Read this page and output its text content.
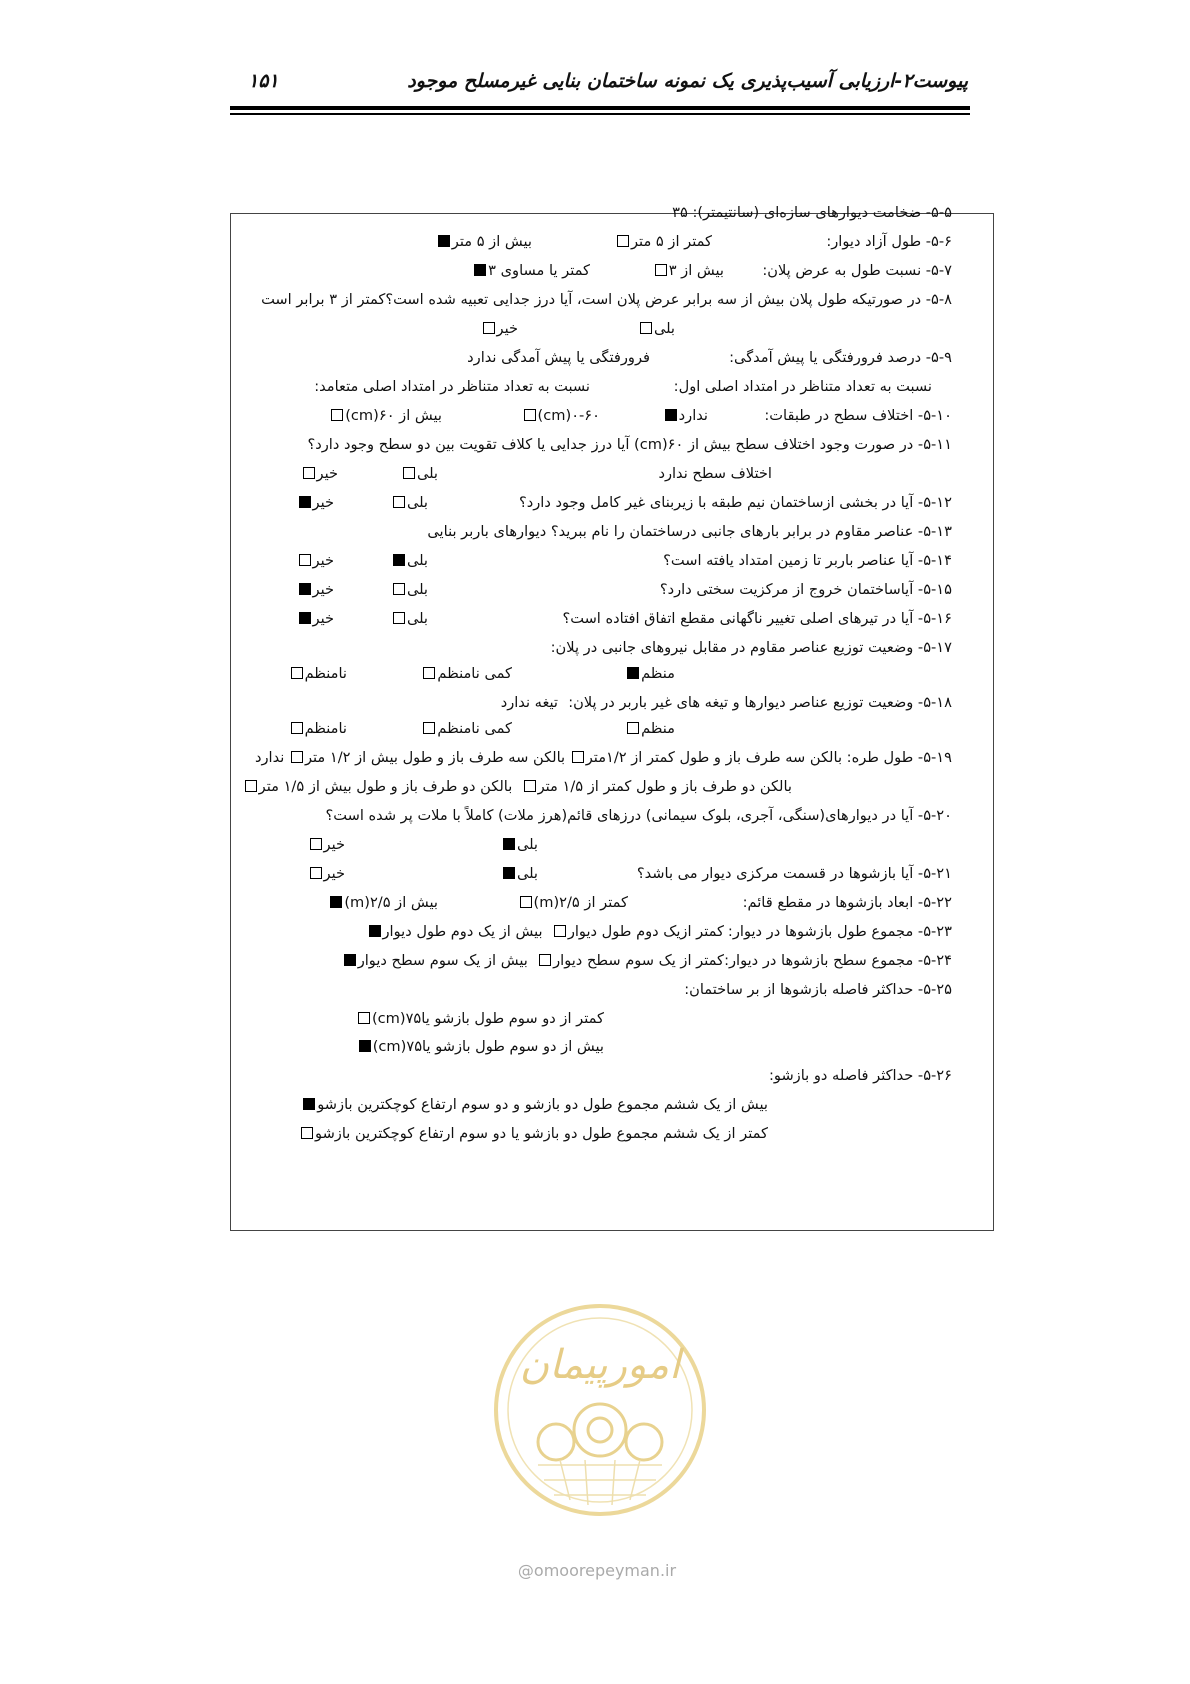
پیوست۲-ارزیابی آسیب‌پذیری یک نمونه ساختمان بنایی غیرمسلح موجود
۱۵۱
۵-۵- ضخامت دیوارهای سازه‌ای (سانتیمتر): ۳۵
۵-۶- طول آزاد دیوار:
کمتر از ۵ متر
بیش از ۵ متر
۵-۷- نسبت طول به عرض پلان:
بیش از ۳
کمتر یا مساوی ۳
۵-۸- در صورتیکه طول پلان بیش از سه برابر عرض پلان است، آیا درز جدایی تعبیه شده است؟کمتر از ۳ برابر است
بلی
خیر
۵-۹- درصد فرورفتگی یا پیش آمدگی:
فرورفتگی یا پیش آمدگی ندارد
نسبت به تعداد متناظر در امتداد اصلی اول:
نسبت به تعداد متناظر در امتداد اصلی متعامد:
۵-۱۰- اختلاف سطح در طبقات:
ندارد
۰-۶۰(cm)
بیش از ۶۰(cm)
۵-۱۱- در صورت وجود اختلاف سطح بیش از ۶۰(cm) آیا درز جدایی یا کلاف تقویت بین دو سطح وجود دارد؟
اختلاف سطح ندارد
بلی
خیر
۵-۱۲- آیا در بخشی ازساختمان نیم طبقه با زیربنای غیر کامل وجود دارد؟
بلی
خیر
۵-۱۳- عناصر مقاوم در برابر بارهای جانبی درساختمان را نام ببرید؟ دیوارهای باربر بنایی
۵-۱۴- آیا عناصر باربر تا زمین امتداد یافته است؟
بلی
خیر
۵-۱۵- آیاساختمان خروج از مرکزیت سختی دارد؟
بلی
خیر
۵-۱۶- آیا در تیرهای اصلی تغییر ناگهانی مقطع اتفاق افتاده است؟
بلی
خیر
۵-۱۷- وضعیت توزیع عناصر مقاوم در مقابل نیروهای جانبی در پلان:
منظم
کمی نامنظم
نامنظم
۵-۱۸- وضعیت توزیع عناصر دیوارها و تیغه های غیر باربر در پلان:
تیغه ندارد
منظم
کمی نامنظم
نامنظم
۵-۱۹- طول طره: بالکن سه طرف باز و طول کمتر از ۱/۲متر بالکن سه طرف باز و طول بیش از ۱/۲ متر ندارد
بالکن دو طرف باز و طول کمتر از ۱/۵ متر  بالکن دو طرف باز و طول بیش از ۱/۵ متر
۵-۲۰- آیا در دیوارهای(سنگی، آجری، بلوک سیمانی) درزهای قائم(هرز ملات) کاملاً با ملات پر شده است؟
بلی
خیر
۵-۲۱- آیا بازشوها در قسمت مرکزی دیوار می باشد؟
بلی
خیر
۵-۲۲- ابعاد بازشوها در مقطع قائم:
کمتر از ۲/۵(m)
بیش از ۲/۵(m)
۵-۲۳- مجموع طول بازشوها در دیوار:
کمتر ازیک دوم طول دیوار  بیش از یک دوم طول دیوار
۵-۲۴- مجموع سطح بازشوها در دیوار:
کمتر از یک سوم سطح دیوار  بیش از یک سوم سطح دیوار
۵-۲۵- حداکثر فاصله بازشوها از بر ساختمان:
کمتر از دو سوم طول بازشو یا۷۵(cm)
بیش از دو سوم طول بازشو یا۷۵(cm)
۵-۲۶- حداکثر فاصله دو بازشو:
بیش از یک ششم مجموع طول دو بازشو و دو سوم ارتفاع کوچکترین بازشو
کمتر از یک ششم مجموع طول دو بازشو یا دو سوم ارتفاع کوچکترین بازشو
امورپیمان
@omoorepeyman.ir
